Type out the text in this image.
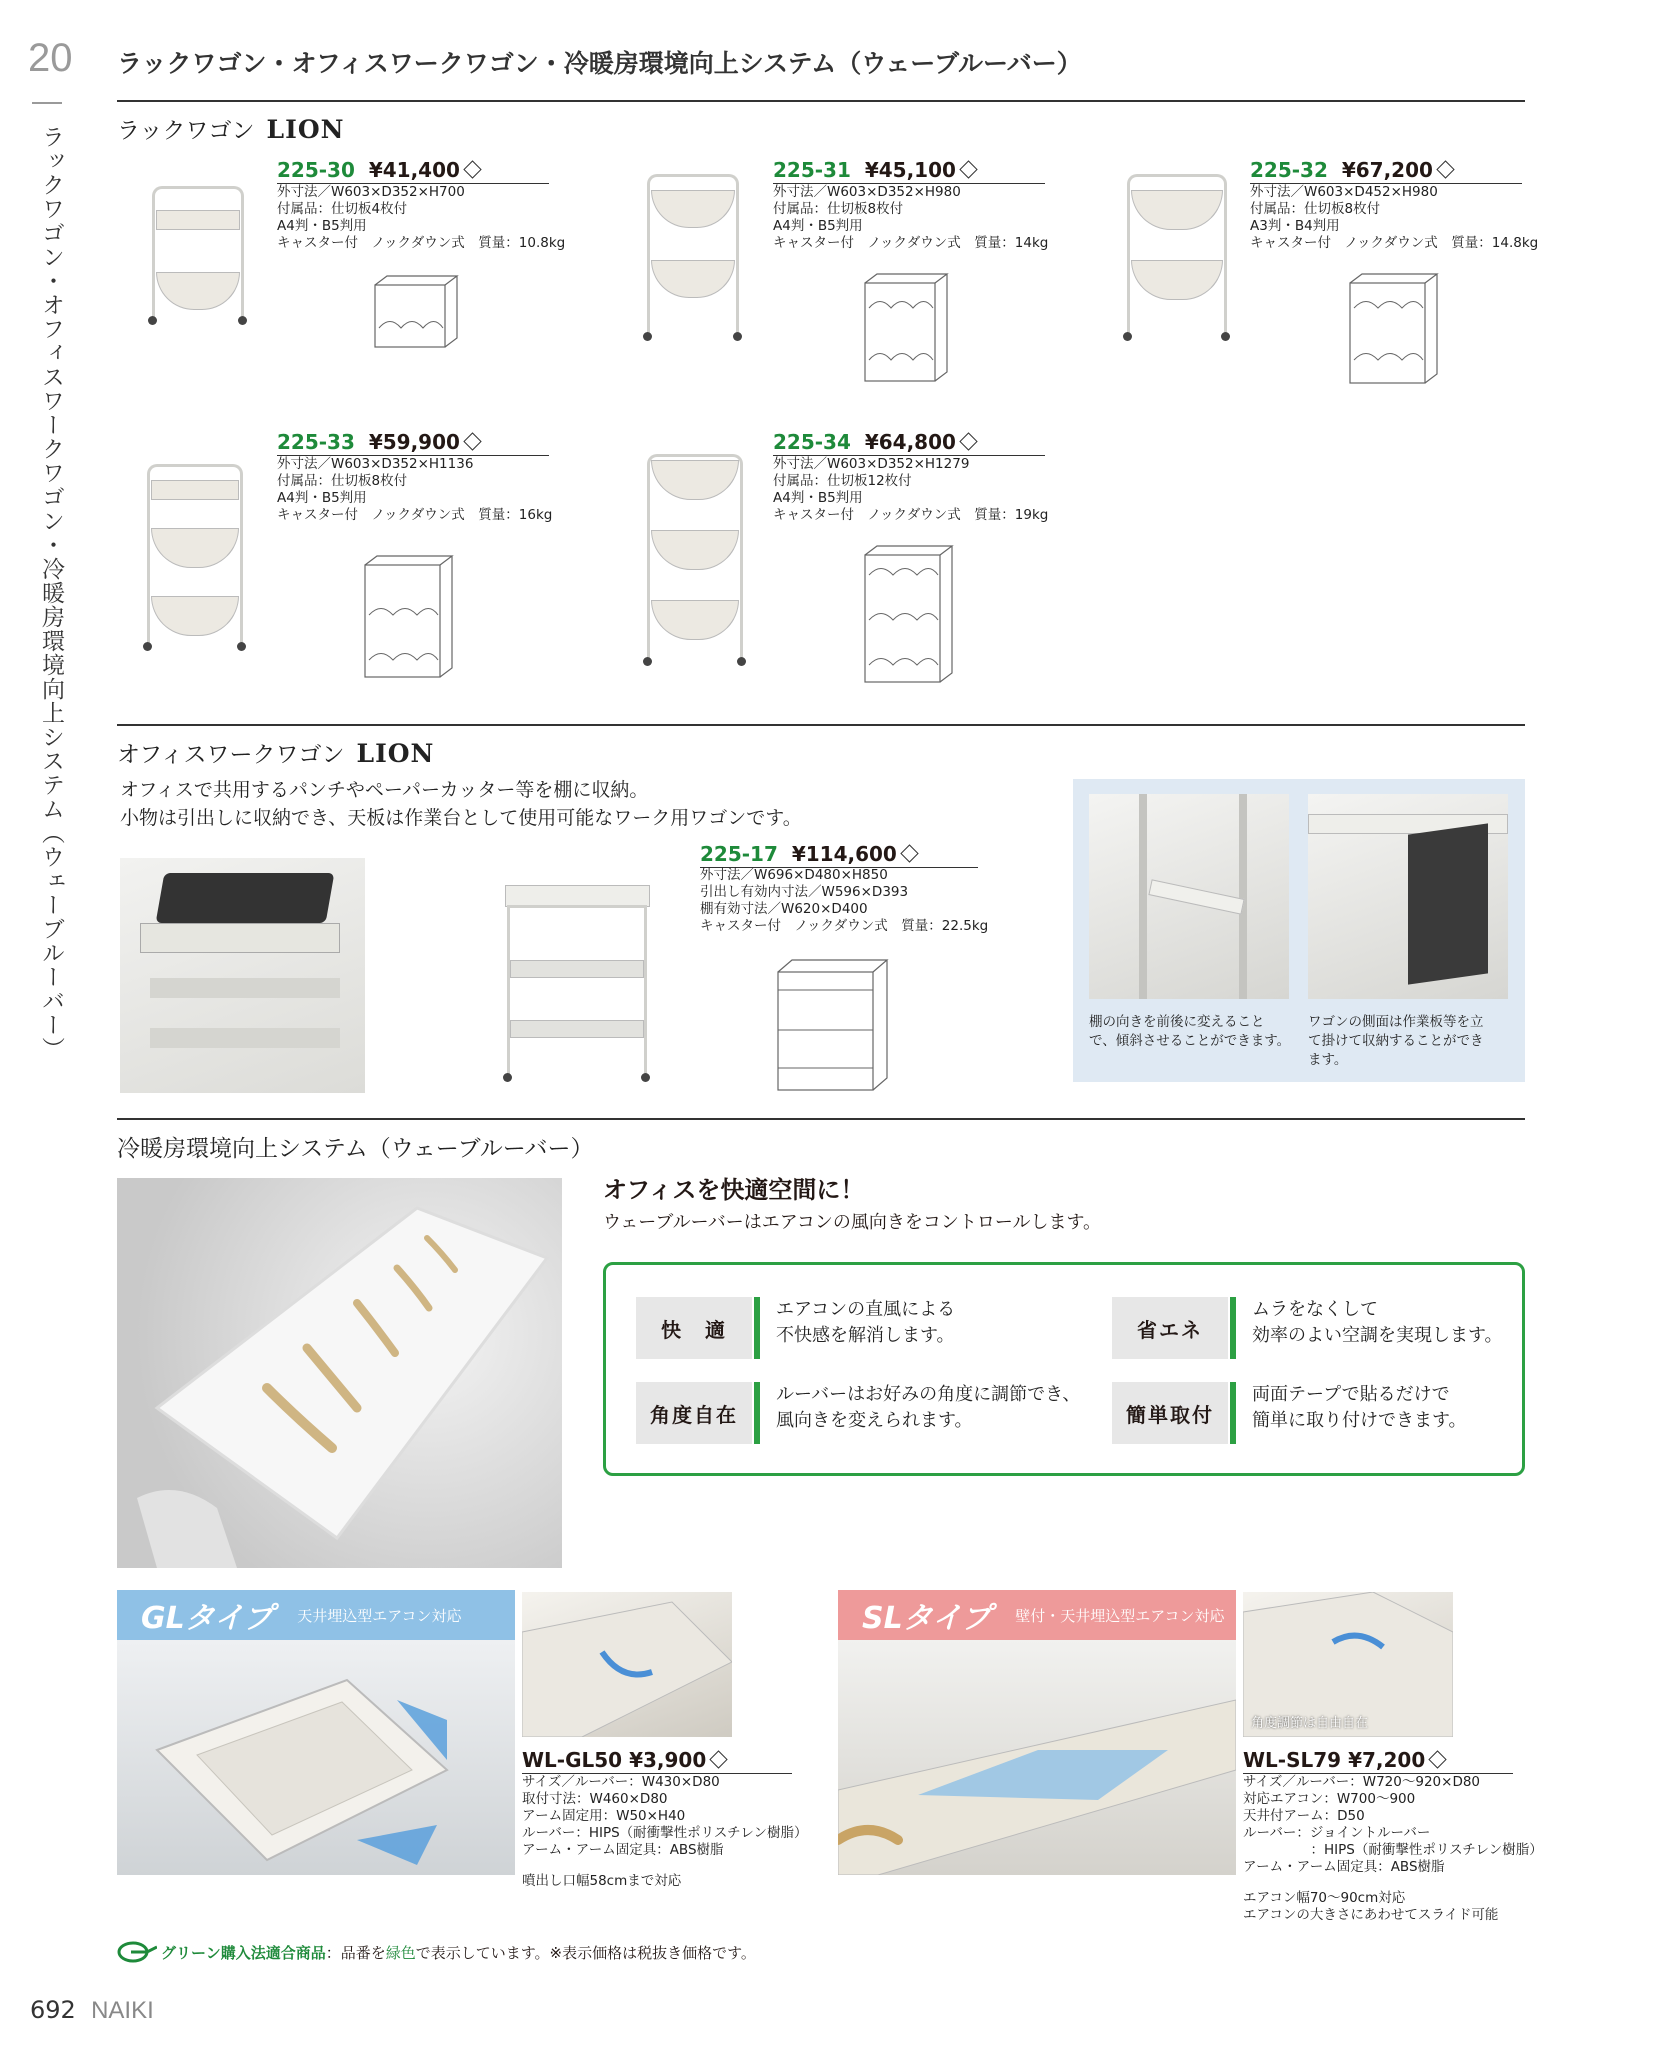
20
ラックワゴン・オフィスワークワゴン・冷暖房環境向上システム（ウェーブルーバー）
ラックワゴン・オフィスワークワゴン・冷暖房環境向上システム（ウェーブルーバー）
ラックワゴン LION
225-30 ¥41,400
外寸法／W603×D352×H700
付属品：仕切板4枚付
A4判・B5判用
キャスター付　ノックダウン式　質量：10.8kg
225-31 ¥45,100
外寸法／W603×D352×H980
付属品：仕切板8枚付
A4判・B5判用
キャスター付　ノックダウン式　質量：14kg
225-32 ¥67,200
外寸法／W603×D452×H980
付属品：仕切板8枚付
A3判・B4判用
キャスター付　ノックダウン式　質量：14.8kg
225-33 ¥59,900
外寸法／W603×D352×H1136
付属品：仕切板8枚付
A4判・B5判用
キャスター付　ノックダウン式　質量：16kg
225-34 ¥64,800
外寸法／W603×D352×H1279
付属品：仕切板12枚付
A4判・B5判用
キャスター付　ノックダウン式　質量：19kg
オフィスワークワゴン LION
オフィスで共用するパンチやペーパーカッター等を棚に収納。
小物は引出しに収納でき、天板は作業台として使用可能なワーク用ワゴンです。
225-17 ¥114,600
外寸法／W696×D480×H850
引出し有効内寸法／W596×D393
棚有効寸法／W620×D400
キャスター付　ノックダウン式　質量：22.5kg
棚の向きを前後に変えること
で、傾斜させることができます。
ワゴンの側面は作業板等を立
て掛けて収納することができ
ます。
冷暖房環境向上システム（ウェーブルーバー）
オフィスを快適空間に！
ウェーブルーバーはエアコンの風向きをコントロールします。
快　適
エアコンの直風による
不快感を解消します。	省エネ
ムラをなくして
効率のよい空調を実現します。
角度自在
ルーバーはお好みの角度に調節でき、
風向きを変えられます。	簡単取付
両面テープで貼るだけで
簡単に取り付けできます。
GLタイプ 天井埋込型エアコン対応
WL-GL50 ¥3,900
サイズ／ルーバー：W430×D80
取付寸法：W460×D80
アーム固定用：W50×H40
ルーバー：HIPS（耐衝撃性ポリスチレン樹脂）
アーム・アーム固定具：ABS樹脂
噴出し口幅58cmまで対応
SLタイプ 壁付・天井埋込型エアコン対応
角度調節は自由自在
WL-SL79 ¥7,200
サイズ／ルーバー：W720～920×D80
対応エアコン：W700～900
天井付アーム：D50
ルーバー：ジョイントルーバー
　　　　　：HIPS（耐衝撃性ポリスチレン樹脂）
アーム・アーム固定具：ABS樹脂
エアコン幅70～90cm対応
エアコンの大きさにあわせてスライド可能
グリーン購入法適合商品 ：品番を 緑色 で表示しています。※表示価格は税抜き価格です。
692 NAIKI
